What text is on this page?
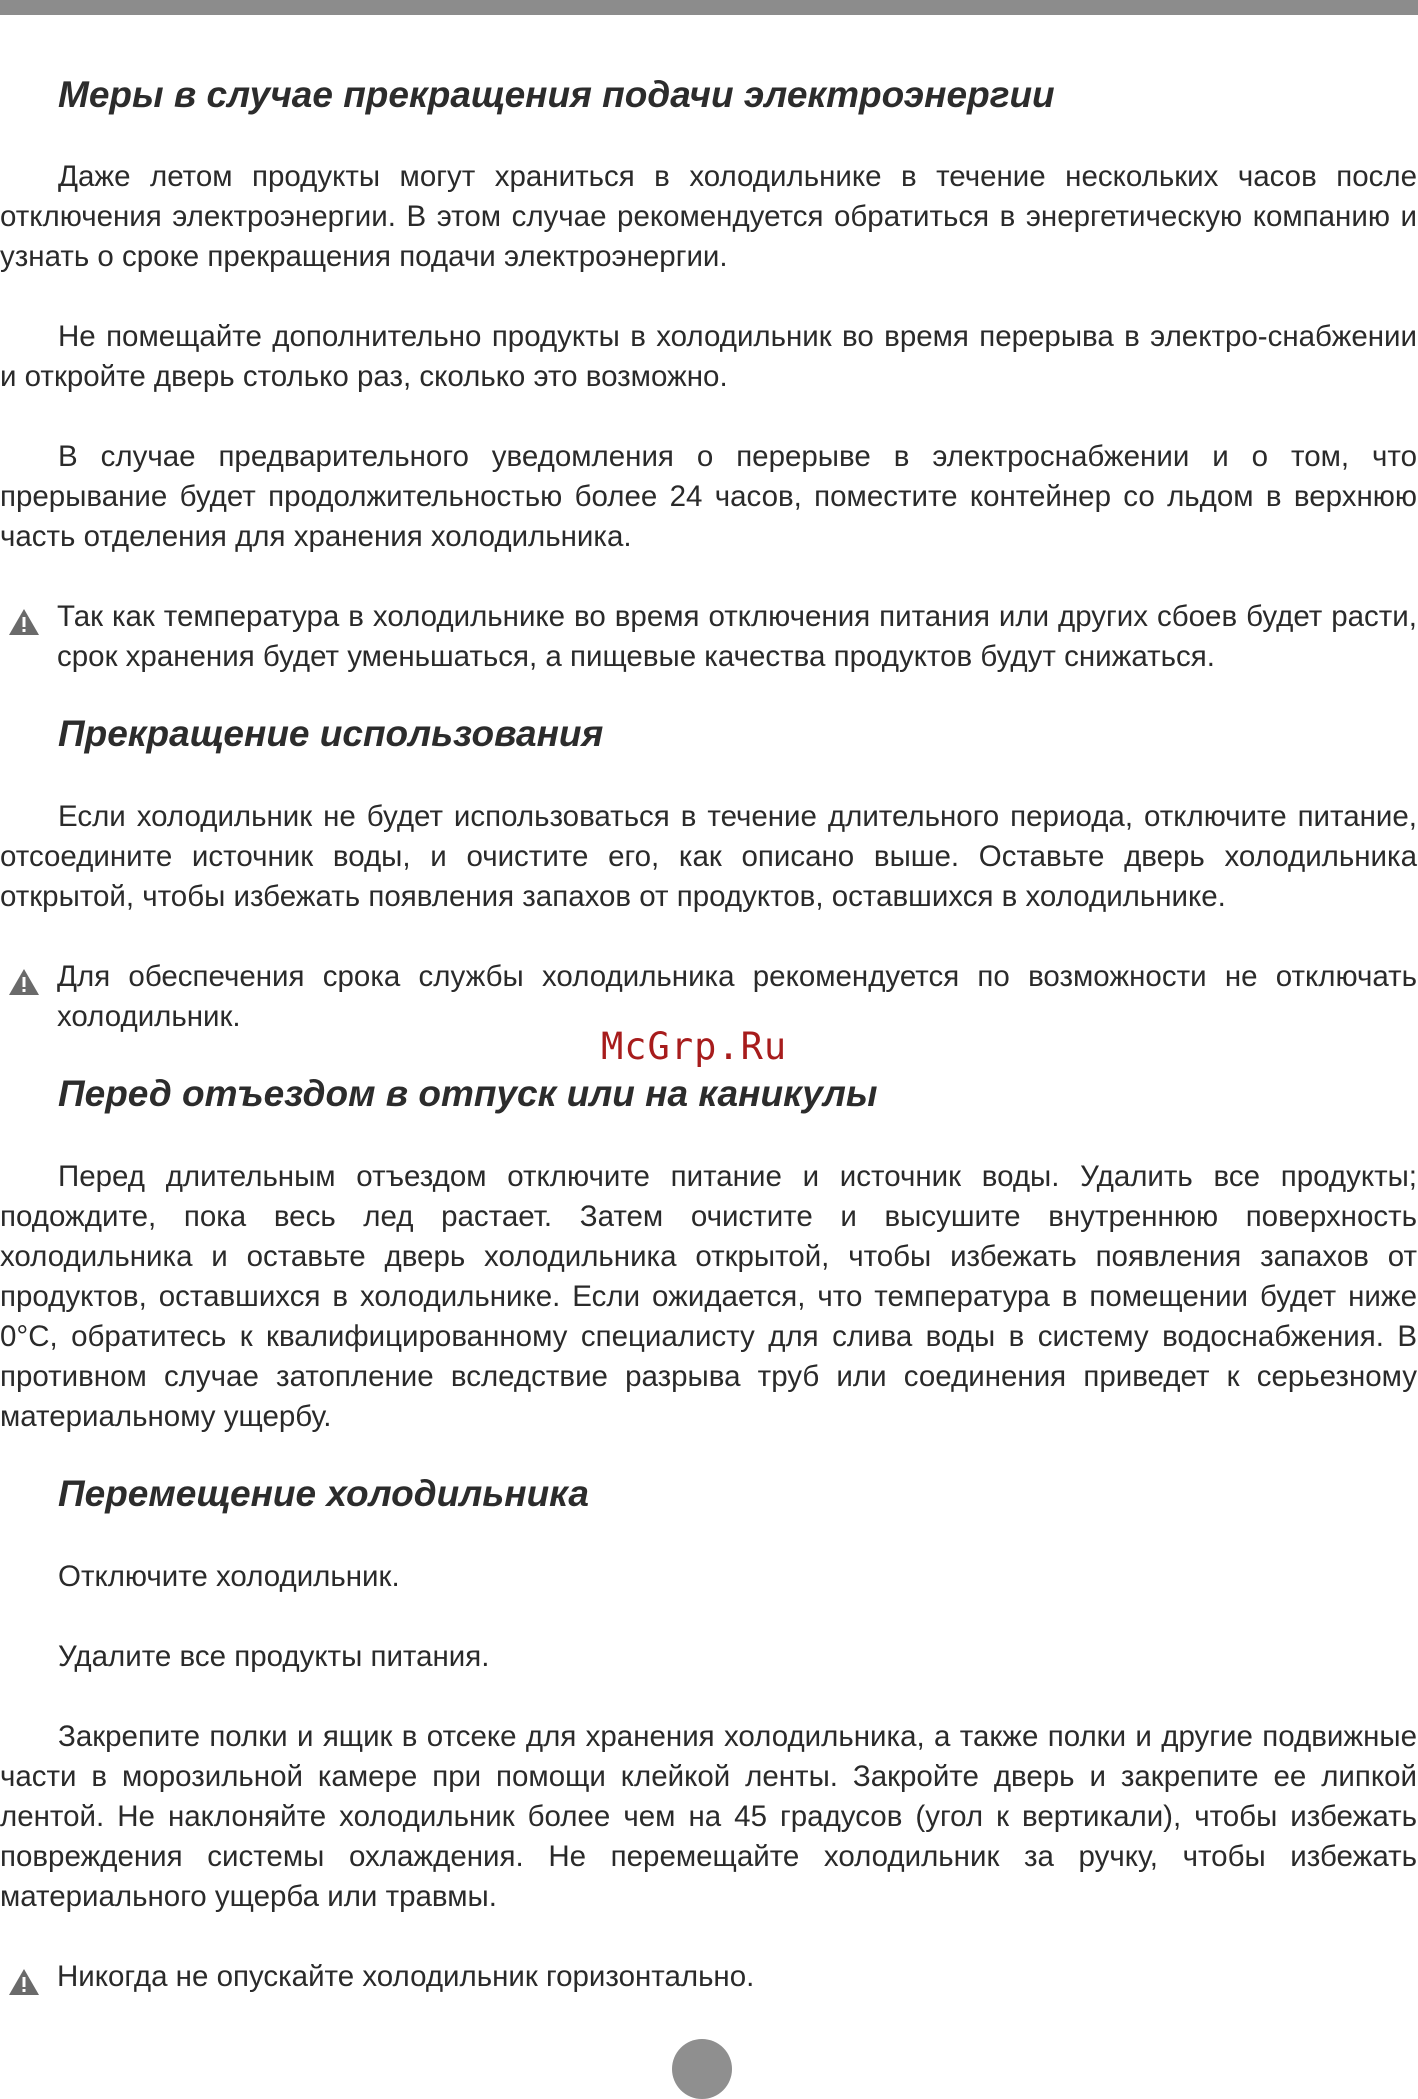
Меры в случае прекращения подачи электроэнергии

Даже летом продукты могут храниться в холодильнике в течение нескольких часов после отключения электроэнергии. В этом случае рекомендуется обратиться в энергетическую компанию и узнать о сроке прекращения подачи электроэнергии.

Не помещайте дополнительно продукты в холодильник во время перерыва в электро-снабжении и откройте дверь столько раз, сколько это возможно.

В случае предварительного уведомления о перерыве в электроснабжении и о том, что прерывание будет продолжительностью более 24 часов, поместите контейнер со льдом в верхнюю часть отделения для хранения холодильника.

Так как температура в холодильнике во время отключения питания или других сбоев будет расти, срок хранения будет уменьшаться, а пищевые качества продуктов будут снижаться.

Прекращение использования

Если холодильник не будет использоваться в течение длительного периода, отключите питание, отсоедините источник воды, и очистите его, как описано выше. Оставьте дверь холодильника открытой, чтобы избежать появления запахов от продуктов, оставшихся в холодильнике.

Для обеспечения срока службы холодильника рекомендуется по возможности не отключать холодильник.

McGrp.Ru
Перед отъездом в отпуск или на каникулы

Перед длительным отъездом отключите питание и источник воды. Удалить все продукты; подождите, пока весь лед растает. Затем очистите и высушите внутреннюю поверхность холодильника и оставьте дверь холодильника открытой, чтобы избежать появления запахов от продуктов, оставшихся в холодильнике. Если ожидается, что температура в помещении будет ниже 0°С, обратитесь к квалифицированному специалисту для слива воды в систему водоснабжения. В противном случае затопление вследствие разрыва труб или соединения приведет к серьезному материальному ущербу.

Перемещение холодильника

Отключите холодильник.

Удалите все продукты питания.

Закрепите полки и ящик в отсеке для хранения холодильника, а также полки и другие подвижные части в морозильной камере при помощи клейкой ленты. Закройте дверь и закрепите ее липкой лентой. Не наклоняйте холодильник более чем на 45 градусов (угол к вертикали), чтобы избежать повреждения системы охлаждения. Не перемещайте холодильник за ручку, чтобы избежать материального ущерба или травмы.

Никогда не опускайте холодильник горизонтально.
